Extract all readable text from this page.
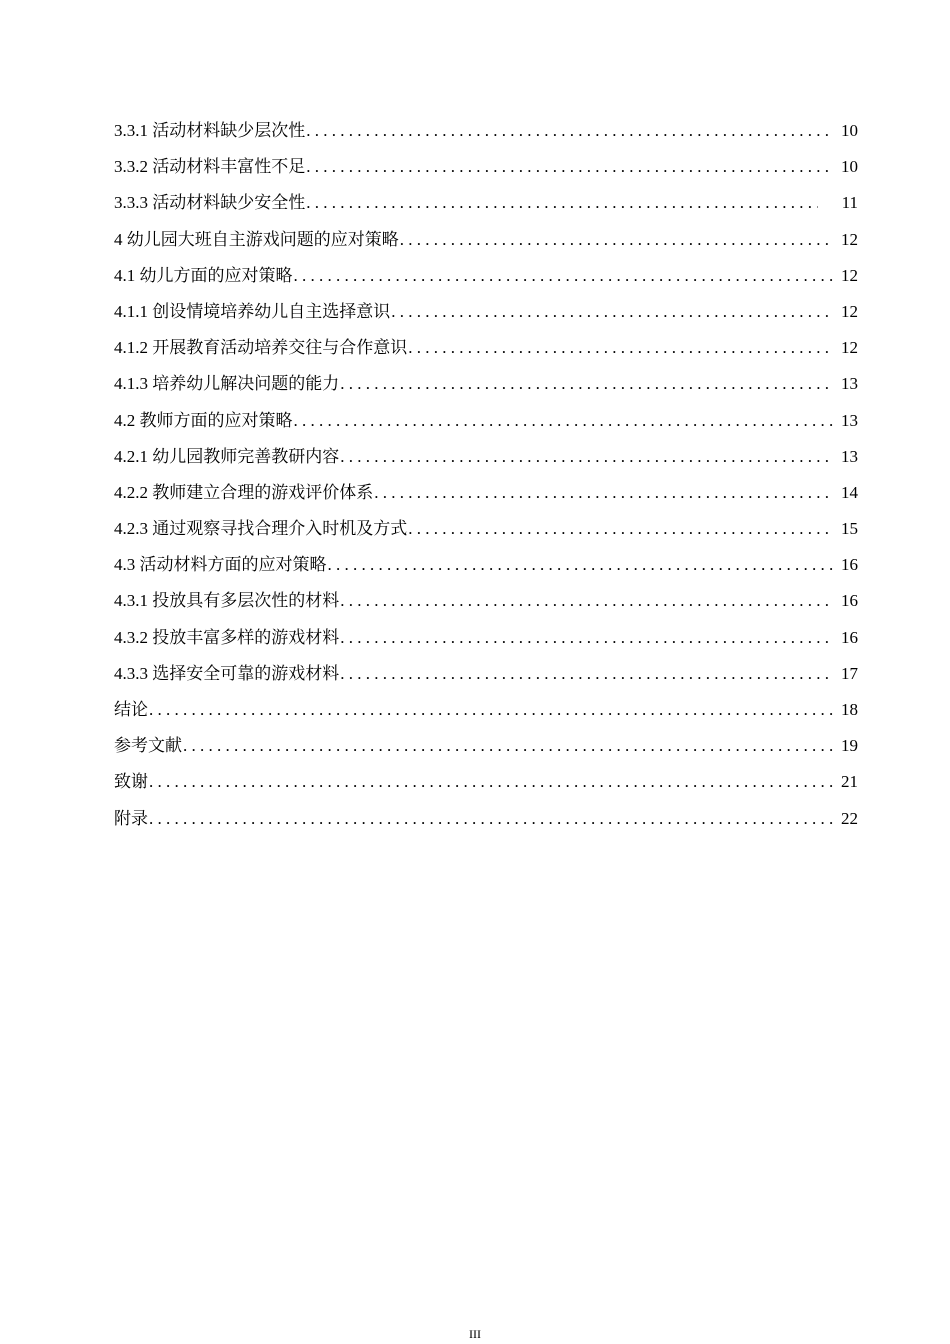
3.3.1 活动材料缺少层次性 . . .	10
3.3.2 活动材料丰富性不足 . . .	10
3.3.3 活动材料缺少安全性 . . .	11
4 幼儿园大班自主游戏问题的应对策略 . . .	12
4.1 幼儿方面的应对策略 . . .	12
4.1.1 创设情境培养幼儿自主选择意识 . . .	12
4.1.2 开展教育活动培养交往与合作意识 . . .	12
4.1.3 培养幼儿解决问题的能力 . . .	13
4.2 教师方面的应对策略 . . .	13
4.2.1 幼儿园教师完善教研内容 . . .	13
4.2.2 教师建立合理的游戏评价体系 . . .	14
4.2.3 通过观察寻找合理介入时机及方式 . . .	15
4.3 活动材料方面的应对策略 . . .	16
4.3.1 投放具有多层次性的材料 . . .	16
4.3.2 投放丰富多样的游戏材料 . . .	16
4.3.3 选择安全可靠的游戏材料 . . .	17
结论 . . .	18
参考文献 . . .	19
致谢 . . .	21
附录 . . .	22
III
